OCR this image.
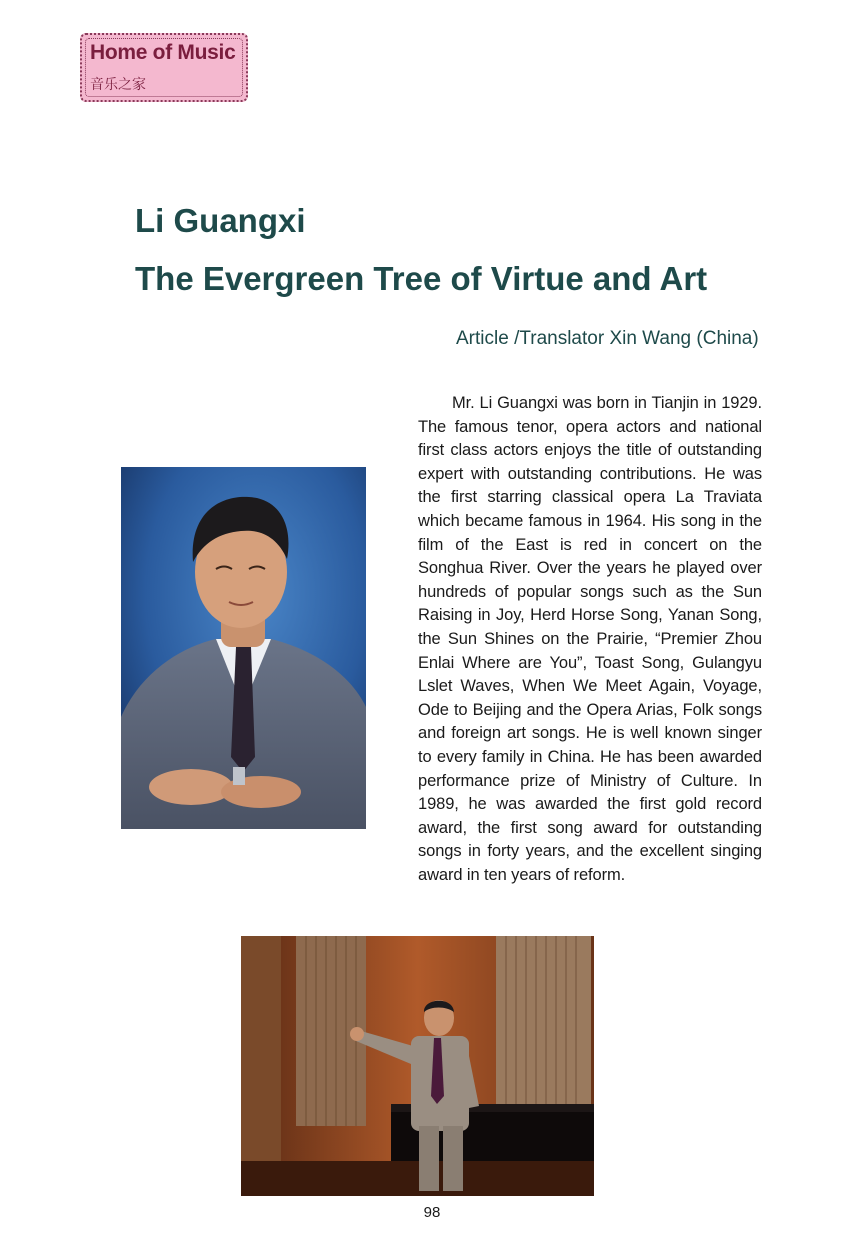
Home of Music
音乐之家
Li Guangxi
The Evergreen Tree of Virtue and Art
Article /Translator Xin Wang (China)

Mr. Li Guangxi was born in Tianjin in 1929. The famous tenor, opera actors and national first class actors enjoys the title of outstanding expert with outstanding contributions. He was the first starring classical opera La Traviata which became famous in 1964. His song in the film of the East is red in concert on the Songhua River. Over the years he played over hundreds of popular songs such as the Sun Raising in Joy, Herd Horse Song, Yanan Song, the Sun Shines on the Prairie, “Premier Zhou Enlai Where are You”, Toast Song, Gulangyu Lslet Waves, When We Meet Again, Voyage, Ode to Beijing and the Opera Arias, Folk songs and foreign art songs. He is well known singer to every family in China. He has been awarded performance prize of Ministry of Culture. In 1989, he was awarded the first gold record award, the first song award for outstanding songs in forty years, and the excellent singing award in ten years of reform.

98
